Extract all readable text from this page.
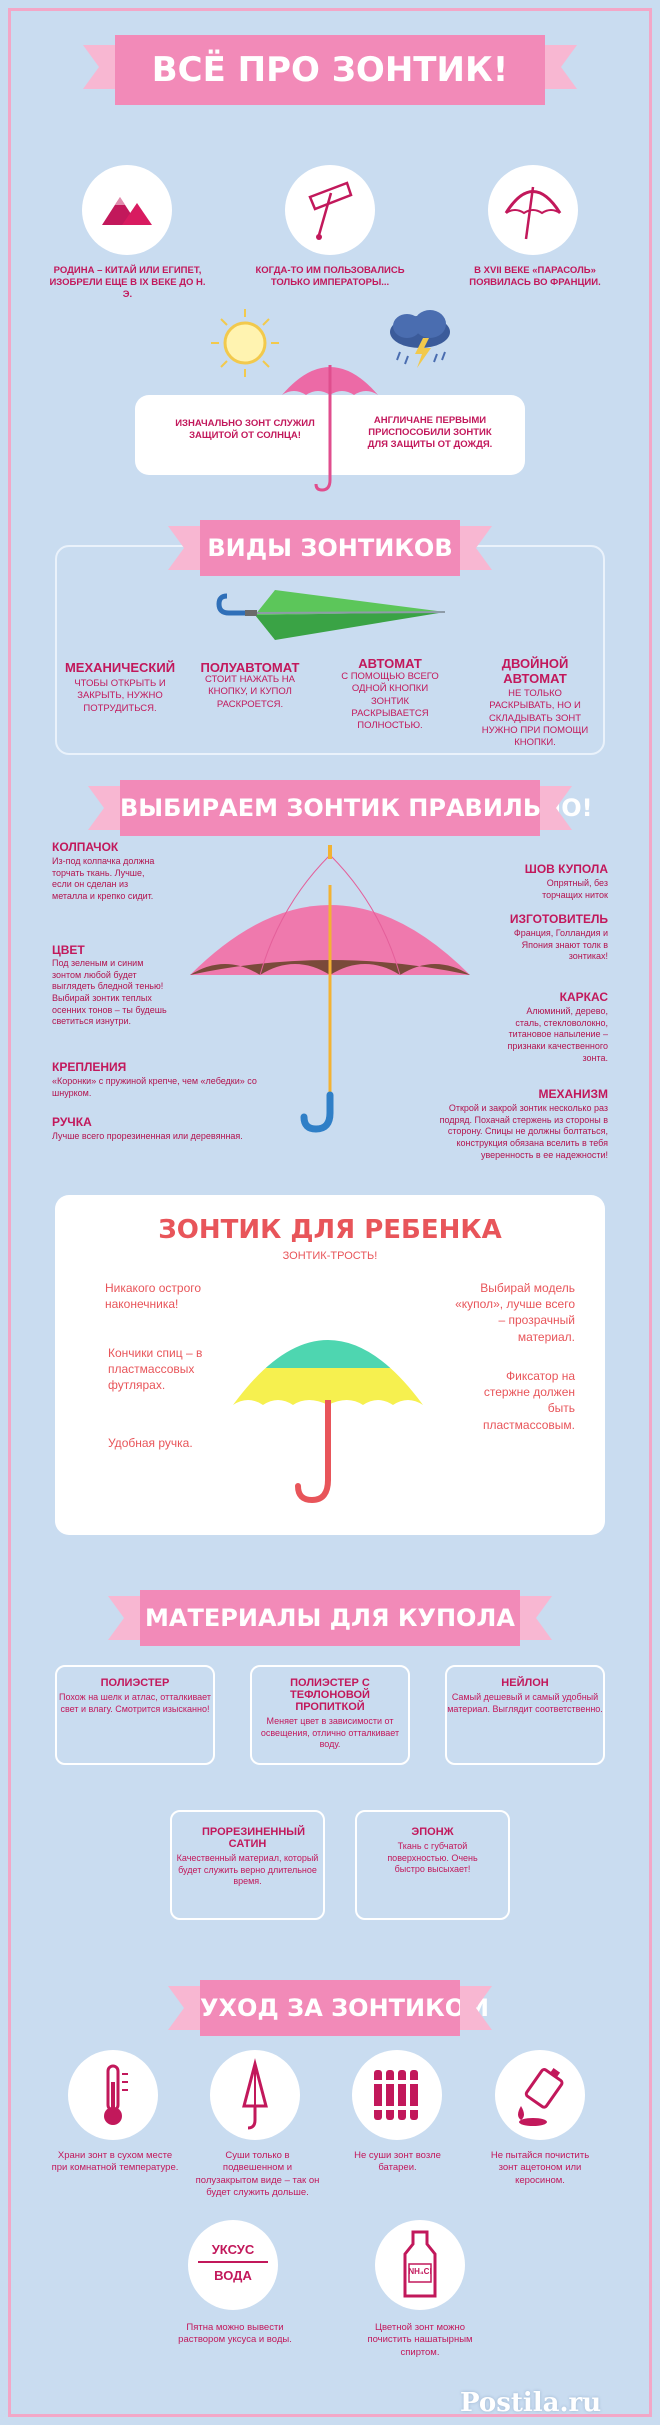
ВСЁ ПРО ЗОНТИК!
РОДИНА – КИТАЙ ИЛИ ЕГИПЕТ, ИЗОБРЕЛИ ЕЩЕ В IX ВЕКЕ ДО Н. Э.
КОГДА-ТО ИМ ПОЛЬЗОВАЛИСЬ ТОЛЬКО ИМПЕРАТОРЫ...
В XVII ВЕКЕ «ПАРАСОЛЬ» ПОЯВИЛАСЬ ВО ФРАНЦИИ.
ИЗНАЧАЛЬНО ЗОНТ СЛУЖИЛ ЗАЩИТОЙ ОТ СОЛНЦА!
АНГЛИЧАНЕ ПЕРВЫМИ ПРИСПОСОБИЛИ ЗОНТИК ДЛЯ ЗАЩИТЫ ОТ ДОЖДЯ.
ВИДЫ ЗОНТИКОВ
МЕХАНИЧЕСКИЙ
ЧТОБЫ ОТКРЫТЬ И ЗАКРЫТЬ, НУЖНО ПОТРУДИТЬСЯ.
ПОЛУАВТОМАТ
СТОИТ НАЖАТЬ НА КНОПКУ, И КУПОЛ РАСКРОЕТСЯ.
АВТОМАТ
С ПОМОЩЬЮ ВСЕГО ОДНОЙ КНОПКИ ЗОНТИК РАСКРЫВАЕТСЯ ПОЛНОСТЬЮ.
ДВОЙНОЙ АВТОМАТ
НЕ ТОЛЬКО РАСКРЫВАТЬ, НО И СКЛАДЫВАТЬ ЗОНТ НУЖНО ПРИ ПОМОЩИ КНОПКИ.
ВЫБИРАЕМ ЗОНТИК ПРАВИЛЬНО!
КОЛПАЧОК
Из-под колпачка должна торчать ткань. Лучше, если он сделан из металла и крепко сидит.
ЦВЕТ
Под зеленым и синим зонтом любой будет выглядеть бледной тенью! Выбирай зонтик теплых осенних тонов – ты будешь светиться изнутри.
КРЕПЛЕНИЯ
«Коронки» с пружиной крепче, чем «лебедки» со шнурком.
РУЧКА
Лучше всего прорезиненная или деревянная.
ШОВ КУПОЛА
Опрятный, без торчащих ниток
ИЗГОТОВИТЕЛЬ
Франция, Голландия и Япония знают толк в зонтиках!
КАРКАС
Алюминий, дерево, сталь, стекловолокно, титановое напыление – признаки качественного зонта.
МЕХАНИЗМ
Открой и закрой зонтик несколько раз подряд. Похачай стержень из стороны в сторону. Спицы не должны болтаться, конструкция обязана вселить в тебя уверенность в ее надежности!
ЗОНТИК ДЛЯ РЕБЕНКА
ЗОНТИК-ТРОСТЬ!
Никакого острого наконечника!
Кончики спиц – в пластмассовых футлярах.
Удобная ручка.
Выбирай модель «купол», лучше всего – прозрачный материал.
Фиксатор на стержне должен быть пластмассовым.
МАТЕРИАЛЫ ДЛЯ КУПОЛА
ПОЛИЭСТЕР
Похож на шелк и атлас, отталкивает свет и влагу. Смотрится изысканно!
ПОЛИЭСТЕР С ТЕФЛОНОВОЙ ПРОПИТКОЙ
Меняет цвет в зависимости от освещения, отлично отталкивает воду.
НЕЙЛОН
Самый дешевый и самый удобный материал. Выглядит соответственно.
ПРОРЕЗИНЕННЫЙ САТИН
Качественный материал, который будет служить верно длительное время.
ЭПОНЖ
Ткань с губчатой поверхностью. Очень быстро высыхает!
УХОД ЗА ЗОНТИКОМ
Храни зонт в сухом месте при комнатной температуре.
Суши только в подвешенном и полузакрытом виде – так он будет служить дольше.
Не суши зонт возле батареи.
Не пытайся почистить зонт ацетоном или керосином.
УКСУС
ВОДА
Пятна можно вывести раствором уксуса и воды.
NH₄Cl
Цветной зонт можно почистить нашатырным спиртом.
Postila.ru
